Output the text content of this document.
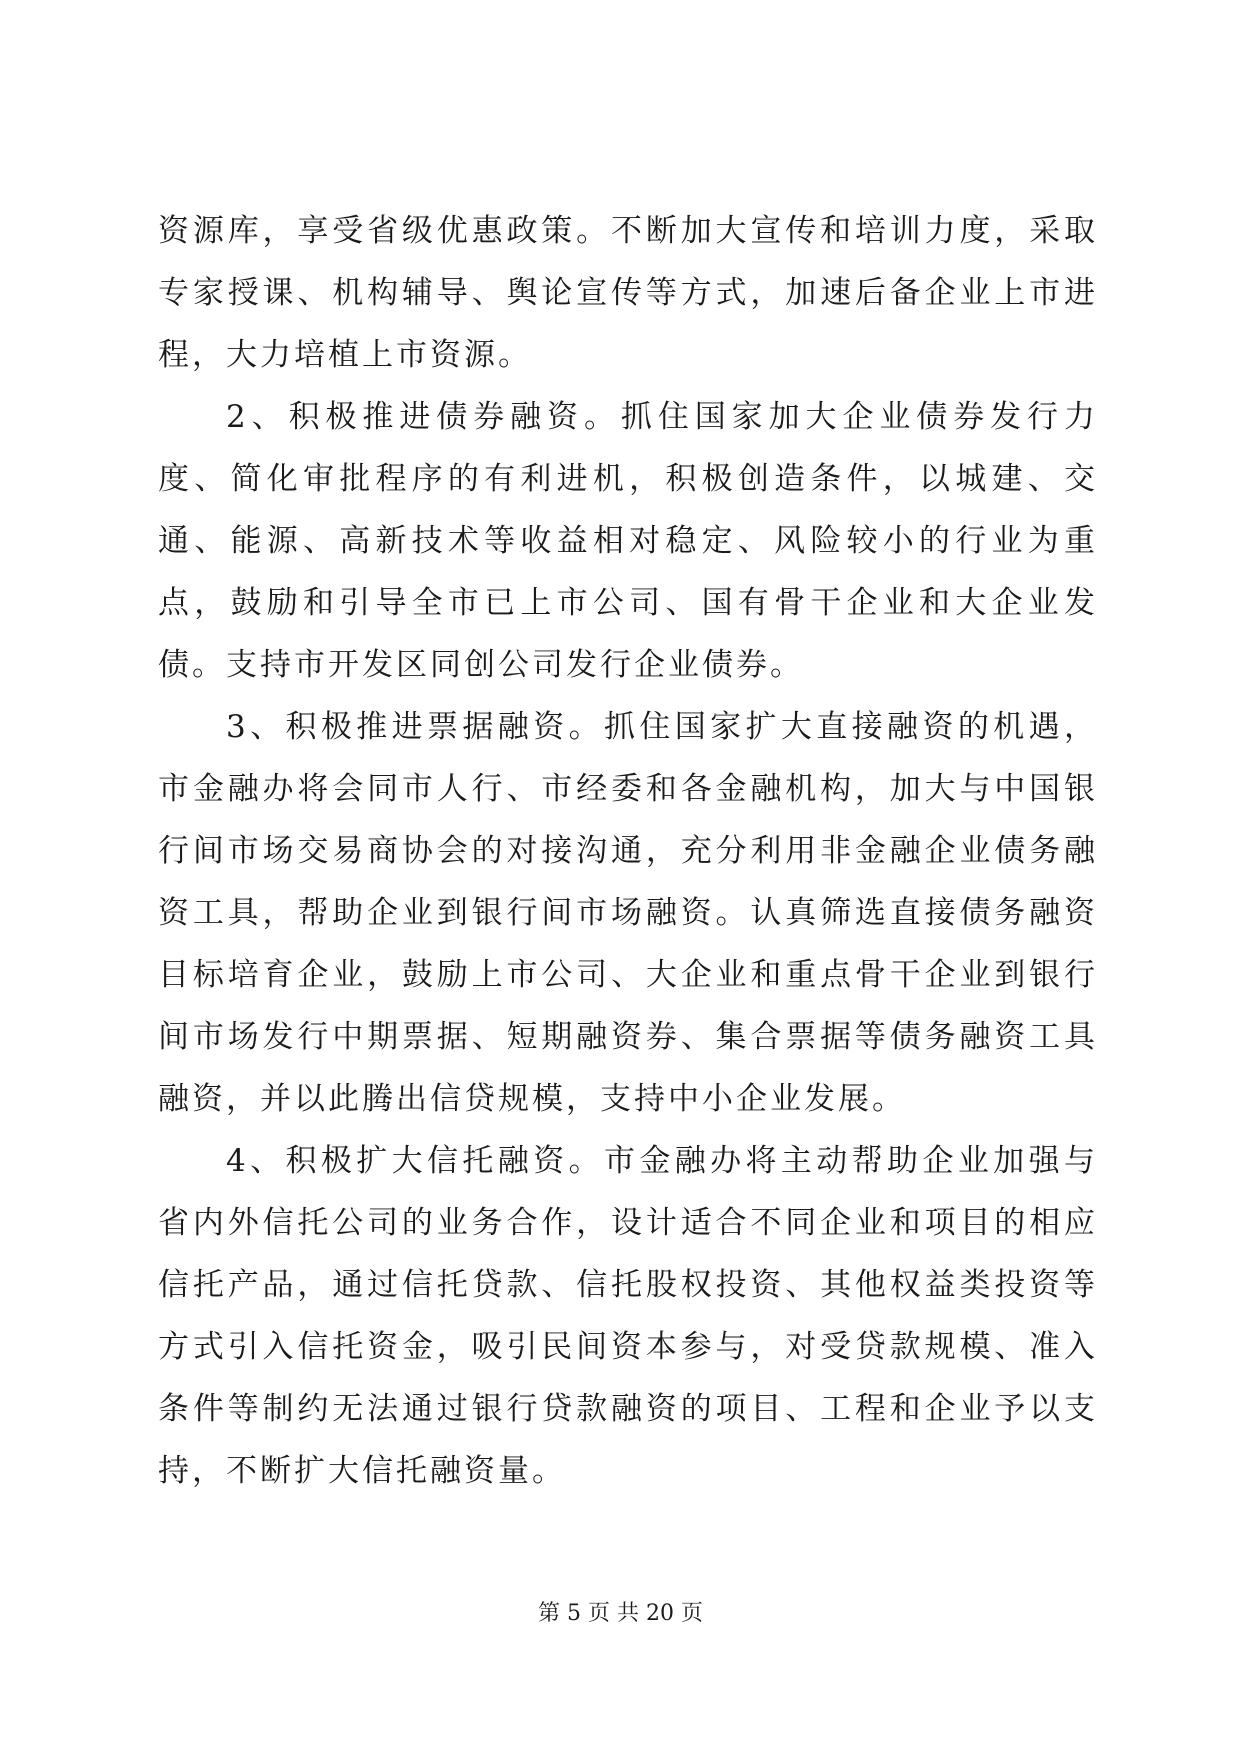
资源库，享受省级优惠政策。不断加大宣传和培训力度，采取专家授课、机构辅导、舆论宣传等方式，加速后备企业上市进程，大力培植上市资源。

2、积极推进债券融资。抓住国家加大企业债券发行力度、简化审批程序的有利进机，积极创造条件，以城建、交通、能源、高新技术等收益相对稳定、风险较小的行业为重点，鼓励和引导全市已上市公司、国有骨干企业和大企业发债。支持市开发区同创公司发行企业债券。

3、积极推进票据融资。抓住国家扩大直接融资的机遇，市金融办将会同市人行、市经委和各金融机构，加大与中国银行间市场交易商协会的对接沟通，充分利用非金融企业债务融资工具，帮助企业到银行间市场融资。认真筛选直接债务融资目标培育企业，鼓励上市公司、大企业和重点骨干企业到银行间市场发行中期票据、短期融资券、集合票据等债务融资工具融资，并以此腾出信贷规模，支持中小企业发展。

4、积极扩大信托融资。市金融办将主动帮助企业加强与省内外信托公司的业务合作，设计适合不同企业和项目的相应信托产品，通过信托贷款、信托股权投资、其他权益类投资等方式引入信托资金，吸引民间资本参与，对受贷款规模、准入条件等制约无法通过银行贷款融资的项目、工程和企业予以支持，不断扩大信托融资量。

第 5 页 共 20 页
